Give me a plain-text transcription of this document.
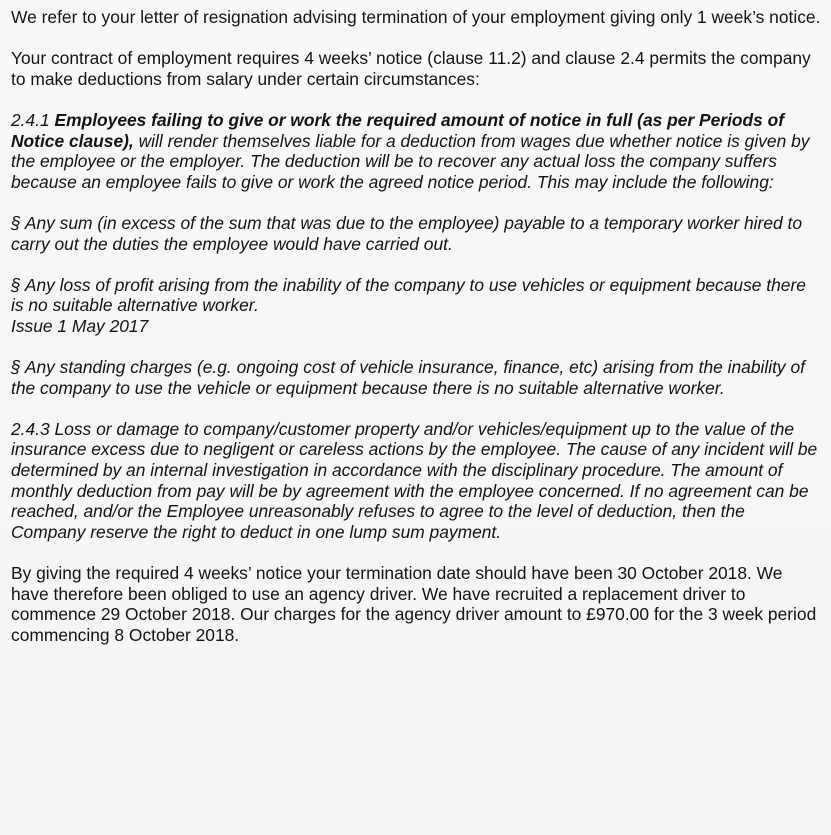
We refer to your letter of resignation advising termination of your employment giving only 1 week’s notice.

Your contract of employment requires 4 weeks’ notice (clause 11.2) and clause 2.4 permits the company to make deductions from salary under certain circumstances:

2.4.1 Employees failing to give or work the required amount of notice in full (as per Periods of Notice clause), will render themselves liable for a deduction from wages due whether notice is given by the employee or the employer. The deduction will be to recover any actual loss the company suffers because an employee fails to give or work the agreed notice period. This may include the following:

§ Any sum (in excess of the sum that was due to the employee) payable to a temporary worker hired to carry out the duties the employee would have carried out.

§ Any loss of profit arising from the inability of the company to use vehicles or equipment because there is no suitable alternative worker.
Issue 1 May 2017

§ Any standing charges (e.g. ongoing cost of vehicle insurance, finance, etc) arising from the inability of the company to use the vehicle or equipment because there is no suitable alternative worker.

2.4.3 Loss or damage to company/customer property and/or vehicles/equipment up to the value of the insurance excess due to negligent or careless actions by the employee. The cause of any incident will be determined by an internal investigation in accordance with the disciplinary procedure. The amount of monthly deduction from pay will be by agreement with the employee concerned. If no agreement can be reached, and/or the Employee unreasonably refuses to agree to the level of deduction, then the Company reserve the right to deduct in one lump sum payment.

By giving the required 4 weeks’ notice your termination date should have been 30 October 2018. We have therefore been obliged to use an agency driver. We have recruited a replacement driver to commence 29 October 2018. Our charges for the agency driver amount to £970.00 for the 3 week period commencing 8 October 2018.
